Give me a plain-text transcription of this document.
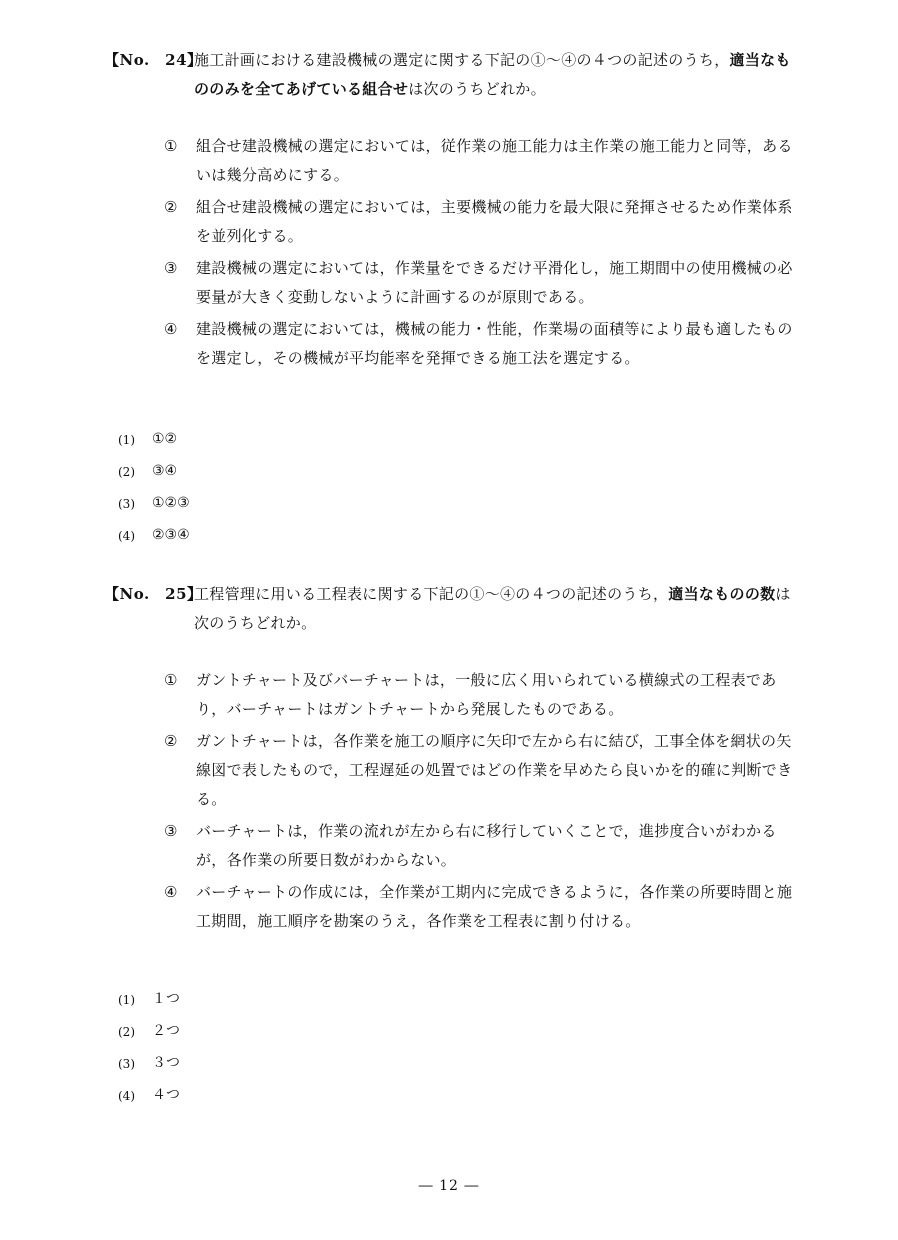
【No.　24】
施工計画における建設機械の選定に関する下記の①～④の４つの記述のうち，適当なもののみを全てあげている組合せは次のうちどれか。
① 組合せ建設機械の選定においては，従作業の施工能力は主作業の施工能力と同等，あるいは幾分高めにする。
② 組合せ建設機械の選定においては，主要機械の能力を最大限に発揮させるため作業体系を並列化する。
③ 建設機械の選定においては，作業量をできるだけ平滑化し，施工期間中の使用機械の必要量が大きく変動しないように計画するのが原則である。
④ 建設機械の選定においては，機械の能力・性能，作業場の面積等により最も適したものを選定し，その機械が平均能率を発揮できる施工法を選定する。
(1)	①②
(2)	③④
(3)	①②③
(4)	②③④
【No.　25】
工程管理に用いる工程表に関する下記の①～④の４つの記述のうち，適当なものの数は次のうちどれか。
① ガントチャート及びバーチャートは，一般に広く用いられている横線式の工程表であり，バーチャートはガントチャートから発展したものである。
② ガントチャートは，各作業を施工の順序に矢印で左から右に結び，工事全体を網状の矢線図で表したもので，工程遅延の処置ではどの作業を早めたら良いかを的確に判断できる。
③ バーチャートは，作業の流れが左から右に移行していくことで，進捗度合いがわかるが，各作業の所要日数がわからない。
④ バーチャートの作成には，全作業が工期内に完成できるように，各作業の所要時間と施工期間，施工順序を勘案のうえ，各作業を工程表に割り付ける。
(1)	１つ
(2)	２つ
(3)	３つ
(4)	４つ
― 12 ―
